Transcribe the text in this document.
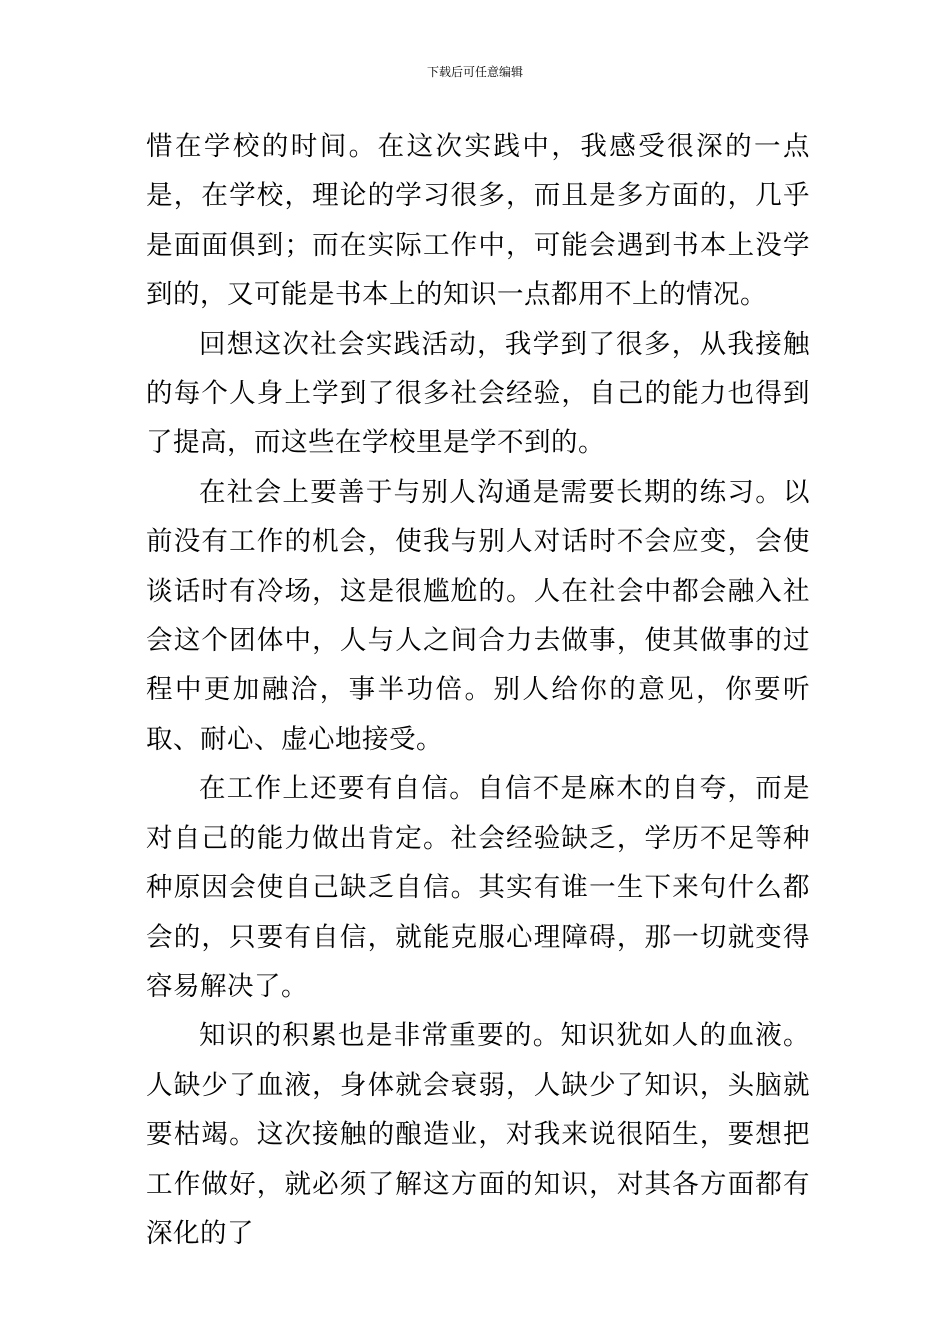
下载后可任意编辑

惜在学校的时间。在这次实践中，我感受很深的一点是，在学校，理论的学习很多，而且是多方面的，几乎是面面俱到；而在实际工作中，可能会遇到书本上没学到的，又可能是书本上的知识一点都用不上的情况。

回想这次社会实践活动，我学到了很多，从我接触的每个人身上学到了很多社会经验，自己的能力也得到了提高，而这些在学校里是学不到的。

在社会上要善于与别人沟通是需要长期的练习。以前没有工作的机会，使我与别人对话时不会应变，会使谈话时有冷场，这是很尴尬的。人在社会中都会融入社会这个团体中，人与人之间合力去做事，使其做事的过程中更加融洽，事半功倍。别人给你的意见，你要听取、耐心、虚心地接受。

在工作上还要有自信。自信不是麻木的自夸，而是对自己的能力做出肯定。社会经验缺乏，学历不足等种种原因会使自己缺乏自信。其实有谁一生下来句什么都会的，只要有自信，就能克服心理障碍，那一切就变得容易解决了。

知识的积累也是非常重要的。知识犹如人的血液。人缺少了血液，身体就会衰弱，人缺少了知识，头脑就要枯竭。这次接触的酿造业，对我来说很陌生，要想把工作做好，就必须了解这方面的知识，对其各方面都有深化的了
